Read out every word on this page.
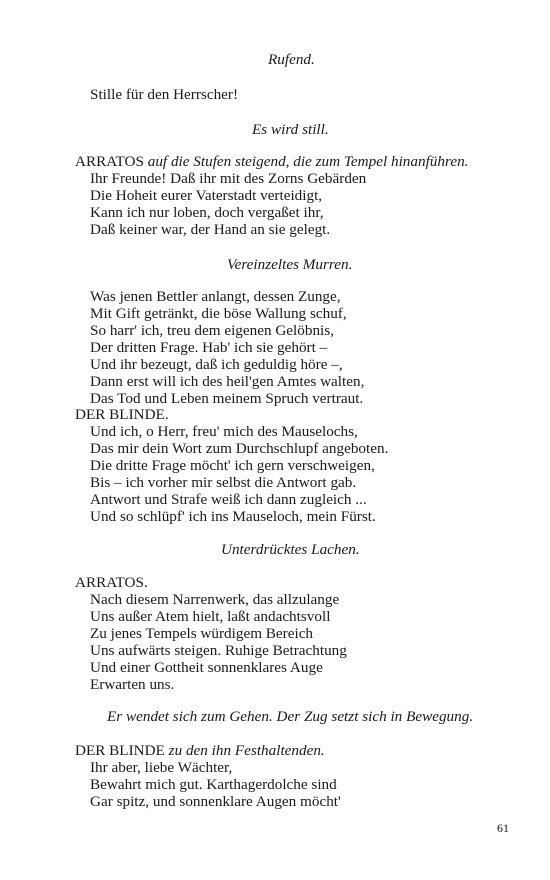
Rufend.
Stille für den Herrscher!
Es wird still.
ARRATOS auf die Stufen steigend, die zum Tempel hinanführen.
Ihr Freunde! Daß ihr mit des Zorns Gebärden
Die Hoheit eurer Vaterstadt verteidigt,
Kann ich nur loben, doch vergaßet ihr,
Daß keiner war, der Hand an sie gelegt.
Vereinzeltes Murren.
Was jenen Bettler anlangt, dessen Zunge,
Mit Gift getränkt, die böse Wallung schuf,
So harr' ich, treu dem eigenen Gelöbnis,
Der dritten Frage. Hab' ich sie gehört –
Und ihr bezeugt, daß ich geduldig höre –,
Dann erst will ich des heil'gen Amtes walten,
Das Tod und Leben meinem Spruch vertraut.
DER BLINDE.
Und ich, o Herr, freu' mich des Mauselochs,
Das mir dein Wort zum Durchschlupf angeboten.
Die dritte Frage möcht' ich gern verschweigen,
Bis – ich vorher mir selbst die Antwort gab.
Antwort und Strafe weiß ich dann zugleich ...
Und so schlüpf' ich ins Mauseloch, mein Fürst.
Unterdrücktes Lachen.
ARRATOS.
Nach diesem Narrenwerk, das allzulange
Uns außer Atem hielt, laßt andachtsvoll
Zu jenes Tempels würdigem Bereich
Uns aufwärts steigen. Ruhige Betrachtung
Und einer Gottheit sonnenklares Auge
Erwarten uns.
Er wendet sich zum Gehen. Der Zug setzt sich in Bewegung.
DER BLINDE zu den ihn Festhaltenden.
Ihr aber, liebe Wächter,
Bewahrt mich gut. Karthagerdolche sind
Gar spitz, und sonnenklare Augen möcht'
61
